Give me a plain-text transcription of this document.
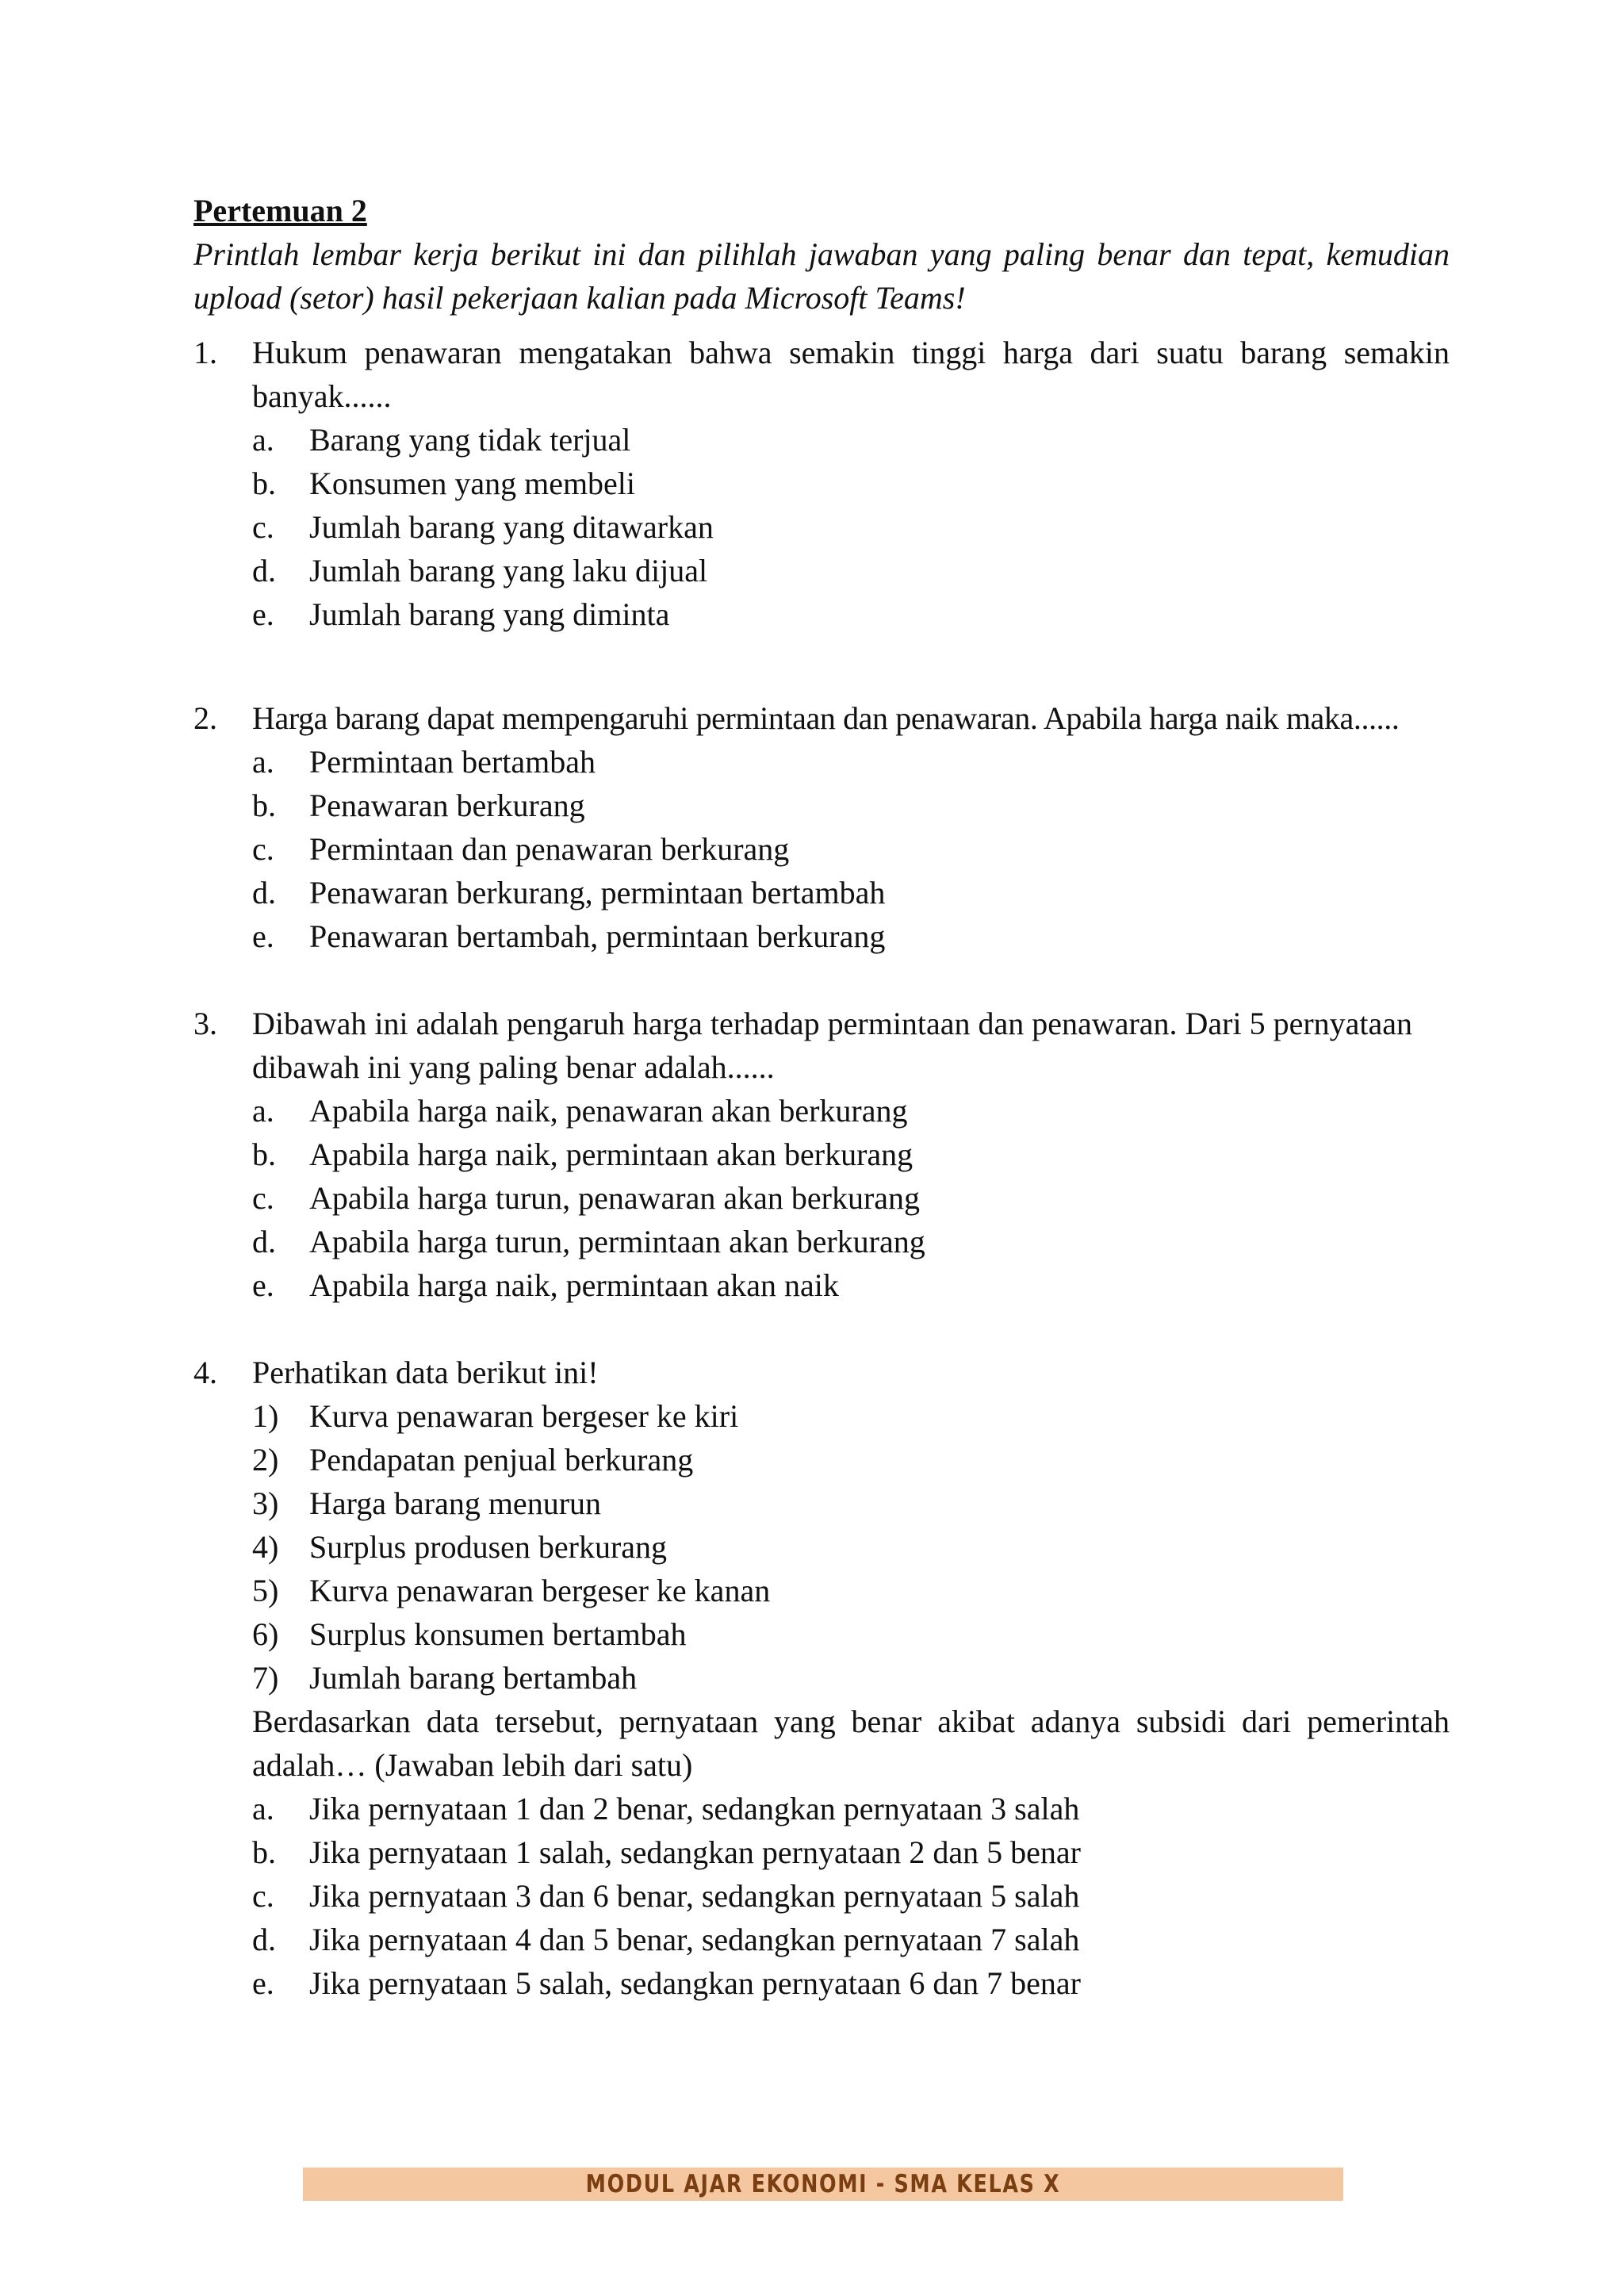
Pertemuan 2
Printlah lembar kerja berikut ini dan pilihlah jawaban yang paling benar dan tepat, kemudian upload (setor) hasil pekerjaan kalian pada Microsoft Teams!
1.	Hukum penawaran mengatakan bahwa semakin tinggi harga dari suatu barang semakin banyak......
a.	Barang yang tidak terjual
b.	Konsumen yang membeli
c.	Jumlah barang yang ditawarkan
d.	Jumlah barang yang laku dijual
e.	Jumlah barang yang diminta
2.	Harga barang dapat mempengaruhi permintaan dan penawaran. Apabila harga naik maka......
a.	Permintaan bertambah
b.	Penawaran berkurang
c.	Permintaan dan penawaran berkurang
d.	Penawaran berkurang, permintaan bertambah
e.	Penawaran bertambah, permintaan berkurang
3.	Dibawah ini adalah pengaruh harga terhadap permintaan dan penawaran. Dari 5 pernyataan dibawah ini yang paling benar adalah......
a.	Apabila harga naik, penawaran akan berkurang
b.	Apabila harga naik, permintaan akan berkurang
c.	Apabila harga turun, penawaran akan berkurang
d.	Apabila harga turun, permintaan akan berkurang
e.	Apabila harga naik, permintaan akan naik
4.	Perhatikan data berikut ini!
1) Kurva penawaran bergeser ke kiri
2) Pendapatan penjual berkurang
3) Harga barang menurun
4) Surplus produsen berkurang
5) Kurva penawaran bergeser ke kanan
6) Surplus konsumen bertambah
7) Jumlah barang bertambah
Berdasarkan data tersebut, pernyataan yang benar akibat adanya subsidi dari pemerintah adalah… (Jawaban lebih dari satu)
a.	Jika pernyataan 1 dan 2 benar, sedangkan pernyataan 3 salah
b.	Jika pernyataan 1 salah, sedangkan pernyataan 2 dan 5 benar
c.	Jika pernyataan 3 dan 6 benar, sedangkan pernyataan 5 salah
d.	Jika pernyataan 4 dan 5 benar, sedangkan pernyataan 7 salah
e.	Jika pernyataan 5 salah, sedangkan pernyataan 6 dan 7 benar
MODUL AJAR EKONOMI - SMA KELAS X
